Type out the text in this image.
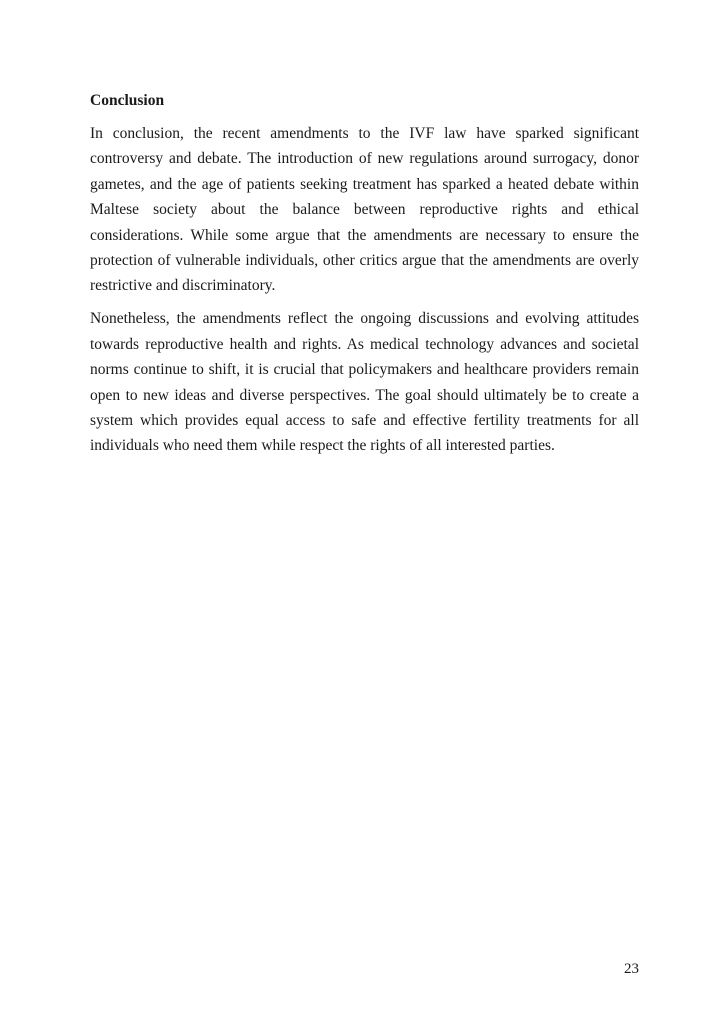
Conclusion

In conclusion, the recent amendments to the IVF law have sparked significant controversy and debate. The introduction of new regulations around surrogacy, donor gametes, and the age of patients seeking treatment has sparked a heated debate within Maltese society about the balance between reproductive rights and ethical considerations. While some argue that the amendments are necessary to ensure the protection of vulnerable individuals, other critics argue that the amendments are overly restrictive and discriminatory.

Nonetheless, the amendments reflect the ongoing discussions and evolving attitudes towards reproductive health and rights. As medical technology advances and societal norms continue to shift, it is crucial that policymakers and healthcare providers remain open to new ideas and diverse perspectives. The goal should ultimately be to create a system which provides equal access to safe and effective fertility treatments for all individuals who need them while respect the rights of all interested parties.

23
